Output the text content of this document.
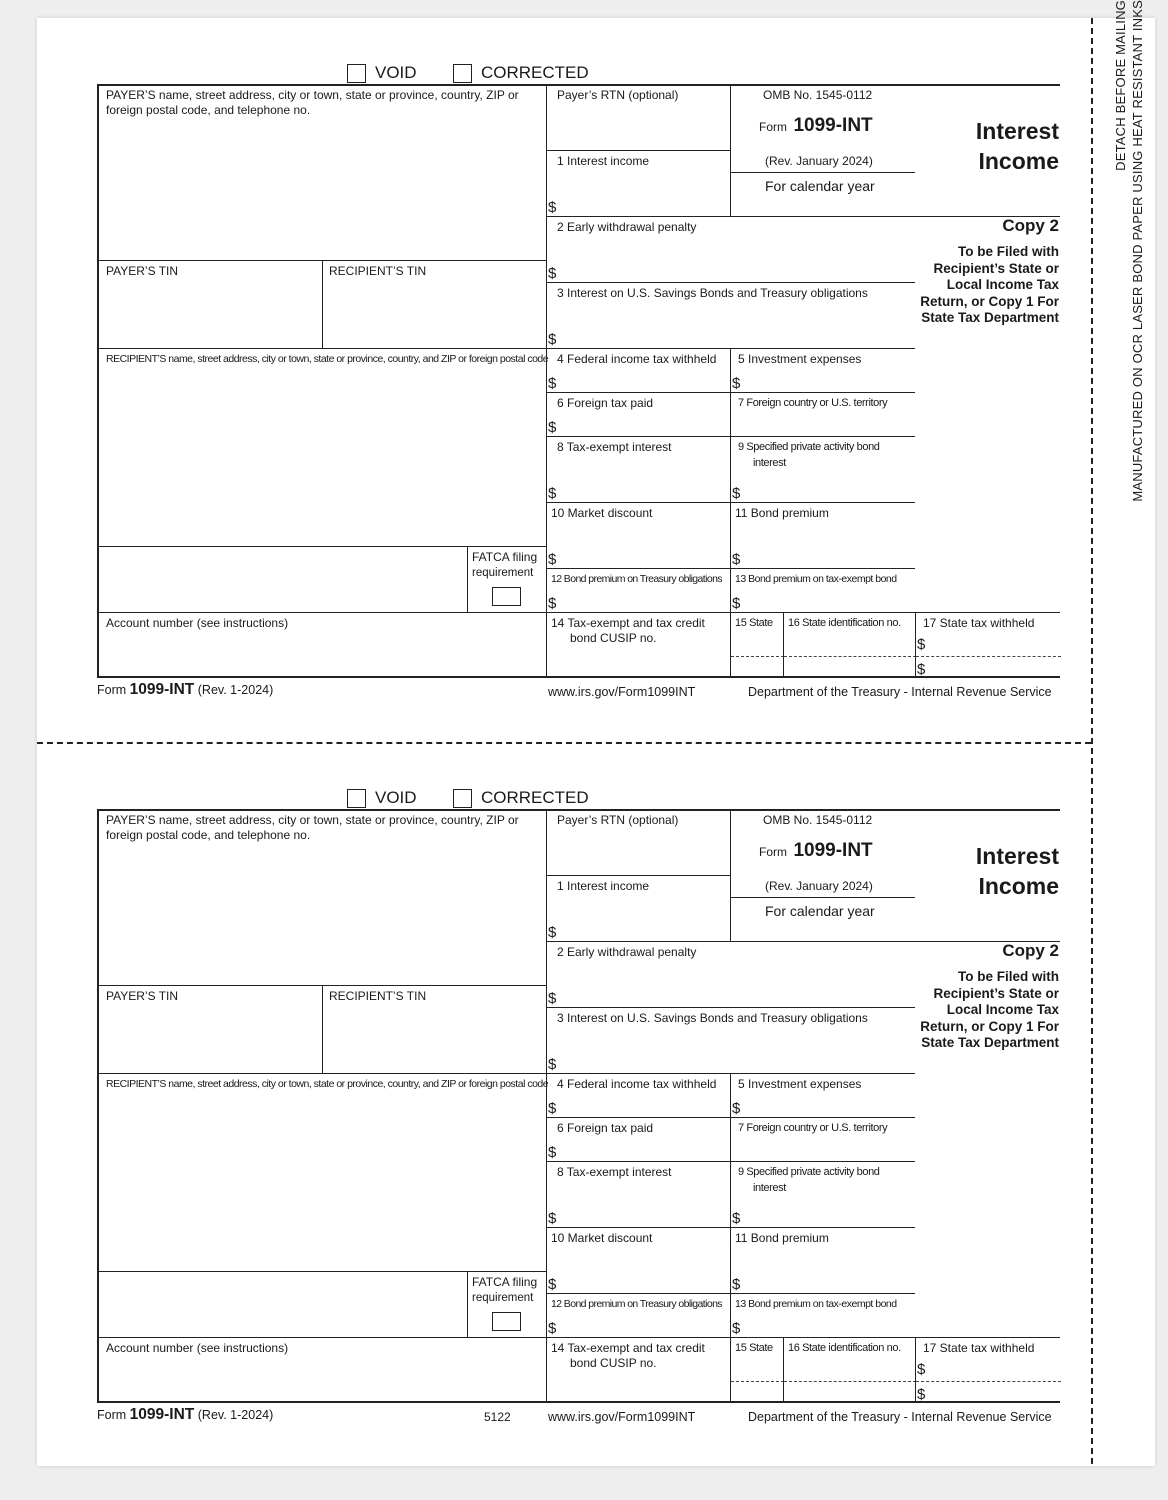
DETACH BEFORE MAILING MANUFACTURED ON OCR LASER BOND PAPER USING HEAT RESISTANT INKS
VOID	CORRECTED
PAYER’S name, street address, city or town, state or province, country, ZIP or foreign postal code, and telephone no.
PAYER’S TIN	RECIPIENT’S TIN
RECIPIENT’S name, street address, city or town, state or province, country, and ZIP or foreign postal code
FATCA filing
requirement
Account number (see instructions)
Payer’s RTN (optional)	OMB No. 1545-0112
Form 1099-INT
(Rev. January 2024)
For calendar year
1 Interest income
$
2 Early withdrawal penalty
$
3 Interest on U.S. Savings Bonds and Treasury obligations
$
4 Federal income tax withheld
$
5 Investment expenses
$
6 Foreign tax paid
$
7 Foreign country or U.S. territory
8 Tax-exempt interest
$
9 Specified private activity bond
interest
$
10 Market discount
$
11 Bond premium
$
12 Bond premium on Treasury obligations
$
13 Bond premium on tax-exempt bond
$
14 Tax-exempt and tax credit
bond CUSIP no.
15 State 16 State identification no. 17 State tax withheld
$
$
Interest Income
Copy 2
To be Filed with Recipient’s State or Local Income Tax Return, or Copy 1 For State Tax Department
Form 1099-INT (Rev. 1-2024)	www.irs.gov/Form1099INT	Department of the Treasury - Internal Revenue Service
VOID	CORRECTED
PAYER’S name, street address, city or town, state or province, country, ZIP or foreign postal code, and telephone no.
PAYER’S TIN	RECIPIENT’S TIN
RECIPIENT’S name, street address, city or town, state or province, country, and ZIP or foreign postal code
FATCA filing
requirement
Account number (see instructions)
Payer’s RTN (optional)	OMB No. 1545-0112
Form 1099-INT
(Rev. January 2024)
For calendar year
1 Interest income
$
2 Early withdrawal penalty
$
3 Interest on U.S. Savings Bonds and Treasury obligations
$
4 Federal income tax withheld
$
5 Investment expenses
$
6 Foreign tax paid
$
7 Foreign country or U.S. territory
8 Tax-exempt interest
$
9 Specified private activity bond
interest
$
10 Market discount
$
11 Bond premium
$
12 Bond premium on Treasury obligations
$
13 Bond premium on tax-exempt bond
$
14 Tax-exempt and tax credit
bond CUSIP no.
15 State 16 State identification no. 17 State tax withheld
$
$
Interest Income
Copy 2
To be Filed with Recipient’s State or Local Income Tax Return, or Copy 1 For State Tax Department
Form 1099-INT (Rev. 1-2024)	www.irs.gov/Form1099INT	Department of the Treasury - Internal Revenue Service
5122
